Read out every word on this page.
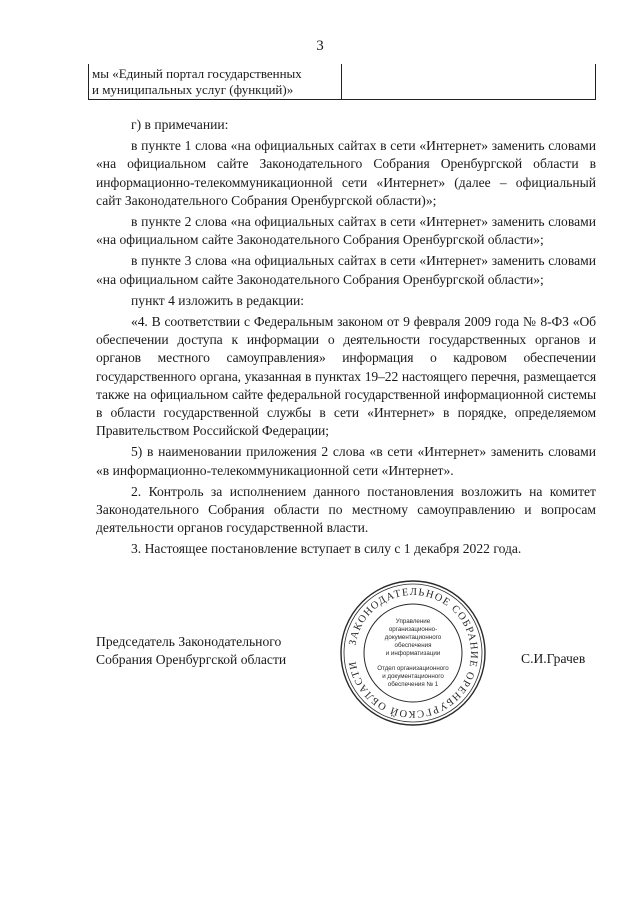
3
мы «Единый портал государственных
и муниципальных услуг (функций)»

г) в примечании:

в пункте 1 слова «на официальных сайтах в сети «Интернет» заменить словами «на официальном сайте Законодательного Собрания Оренбургской области в информационно-телекоммуникационной сети «Интернет» (далее – официальный сайт Законодательного Собрания Оренбургской области)»;

в пункте 2 слова «на официальных сайтах в сети «Интернет» заменить словами «на официальном сайте Законодательного Собрания Оренбургской области»;

в пункте 3 слова «на официальных сайтах в сети «Интернет» заменить словами «на официальном сайте Законодательного Собрания Оренбургской области»;

пункт 4 изложить в редакции:

«4. В соответствии с Федеральным законом от 9 февраля 2009 года № 8-ФЗ «Об обеспечении доступа к информации о деятельности государственных органов и органов местного самоуправления» информация о кадровом обеспечении государственного органа, указанная в пунктах 19–22 настоящего перечня, размещается также на официальном сайте федеральной государственной информационной системы в области государственной службы в сети «Интернет» в порядке, определяемом Правительством Российской Федерации;

5) в наименовании приложения 2 слова «в сети «Интернет» заменить словами «в информационно-телекоммуникационной сети «Интернет».

2. Контроль за исполнением данного постановления возложить на комитет Законодательного Собрания области по местному самоуправлению и вопросам деятельности органов государственной власти.

3. Настоящее постановление вступает в силу с 1 декабря 2022 года.

Председатель Законодательного
Собрания Оренбургской области	С.И.Грачев
ЗАКОНОДАТЕЛЬНОЕ СОБРАНИЕ ОРЕНБУРГСКОЙ ОБЛАСТИ
Управление
организационно-
документационного
обеспечения
и информатизации
Отдел организационного
и документационного
обеспечения № 1
